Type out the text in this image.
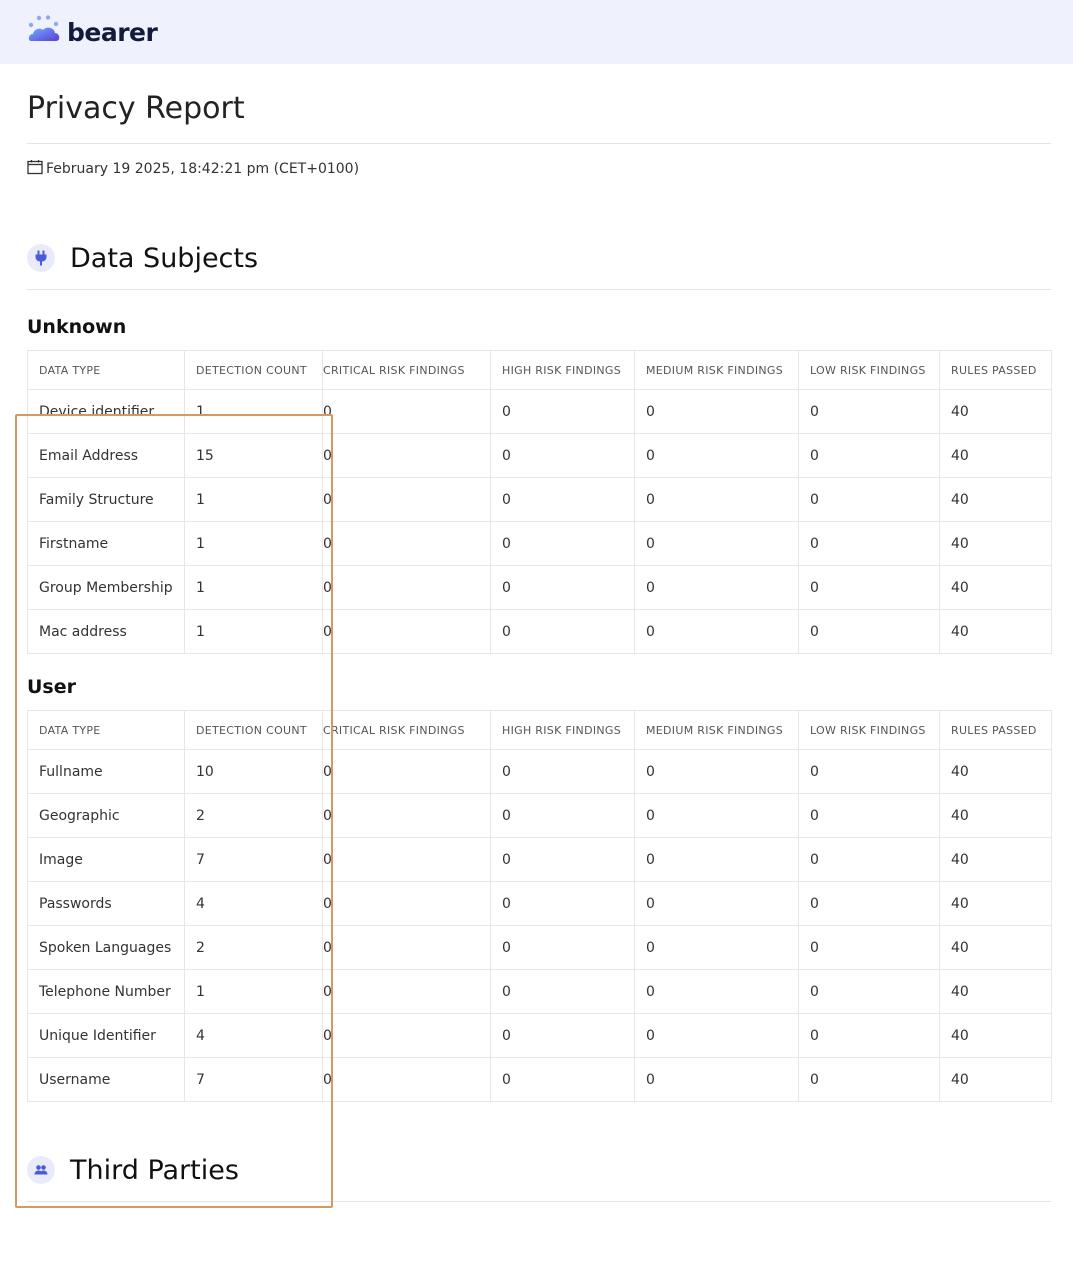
bearer
Privacy Report
February 19 2025, 18:42:21 pm (CET+0100)
Data Subjects
Unknown
DATA TYPE	DETECTION COUNT	CRITICAL RISK FINDINGS	HIGH RISK FINDINGS	MEDIUM RISK FINDINGS	LOW RISK FINDINGS	RULES PASSED
Device identifier	1	0	0	0	0	40
Email Address	15	0	0	0	0	40
Family Structure	1	0	0	0	0	40
Firstname	1	0	0	0	0	40
Group Membership	1	0	0	0	0	40
Mac address	1	0	0	0	0	40
User
DATA TYPE	DETECTION COUNT	CRITICAL RISK FINDINGS	HIGH RISK FINDINGS	MEDIUM RISK FINDINGS	LOW RISK FINDINGS	RULES PASSED
Fullname	10	0	0	0	0	40
Geographic	2	0	0	0	0	40
Image	7	0	0	0	0	40
Passwords	4	0	0	0	0	40
Spoken Languages	2	0	0	0	0	40
Telephone Number	1	0	0	0	0	40
Unique Identifier	4	0	0	0	0	40
Username	7	0	0	0	0	40
Third Parties
